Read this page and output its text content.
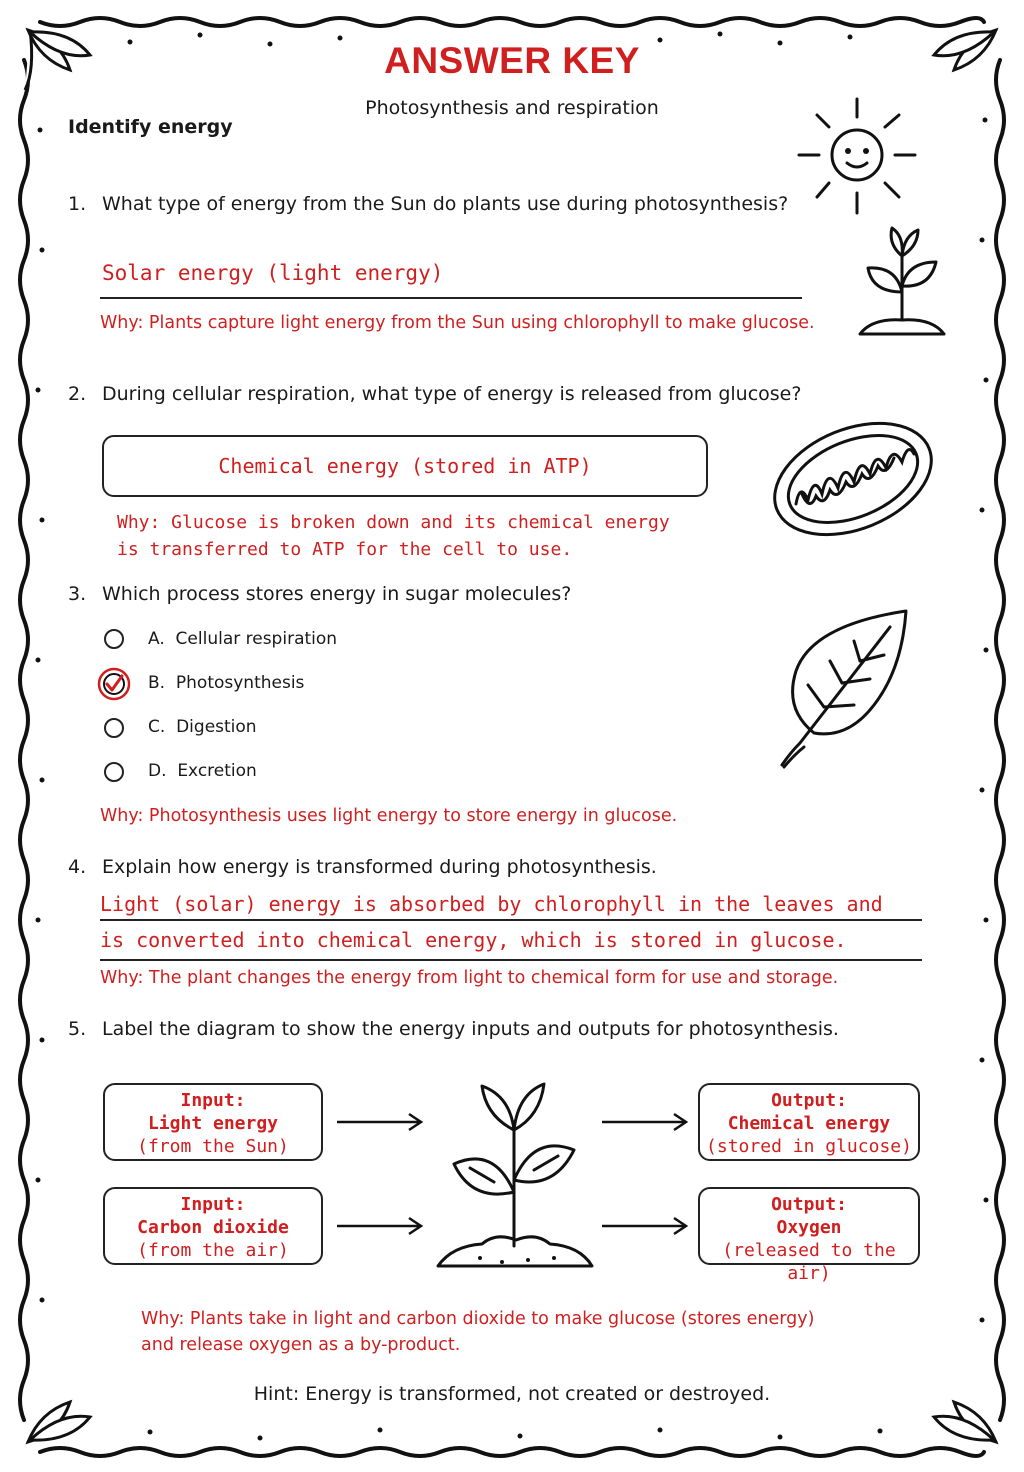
ANSWER KEY
Photosynthesis and respiration
Identify energy
1. What type of energy from the Sun do plants use during photosynthesis?
Solar energy (light energy)
Why: Plants capture light energy from the Sun using chlorophyll to make glucose.
2. During cellular respiration, what type of energy is released from glucose?
Chemical energy (stored in ATP)
Why: Glucose is broken down and its chemical energy
is transferred to ATP for the cell to use.
3. Which process stores energy in sugar molecules?
A. Cellular respiration
B. Photosynthesis
C. Digestion
D. Excretion
Why: Photosynthesis uses light energy to store energy in glucose.
4. Explain how energy is transformed during photosynthesis.
Light (solar) energy is absorbed by chlorophyll in the leaves and
is converted into chemical energy, which is stored in glucose.
Why: The plant changes the energy from light to chemical form for use and storage.
5. Label the diagram to show the energy inputs and outputs for photosynthesis.
Input:
Light energy
(from the Sun)
Input:
Carbon dioxide
(from the air)
Output:
Chemical energy
(stored in glucose)
Output:
Oxygen
(released to the air)
Why: Plants take in light and carbon dioxide to make glucose (stores energy)
and release oxygen as a by-product.
Hint: Energy is transformed, not created or destroyed.
